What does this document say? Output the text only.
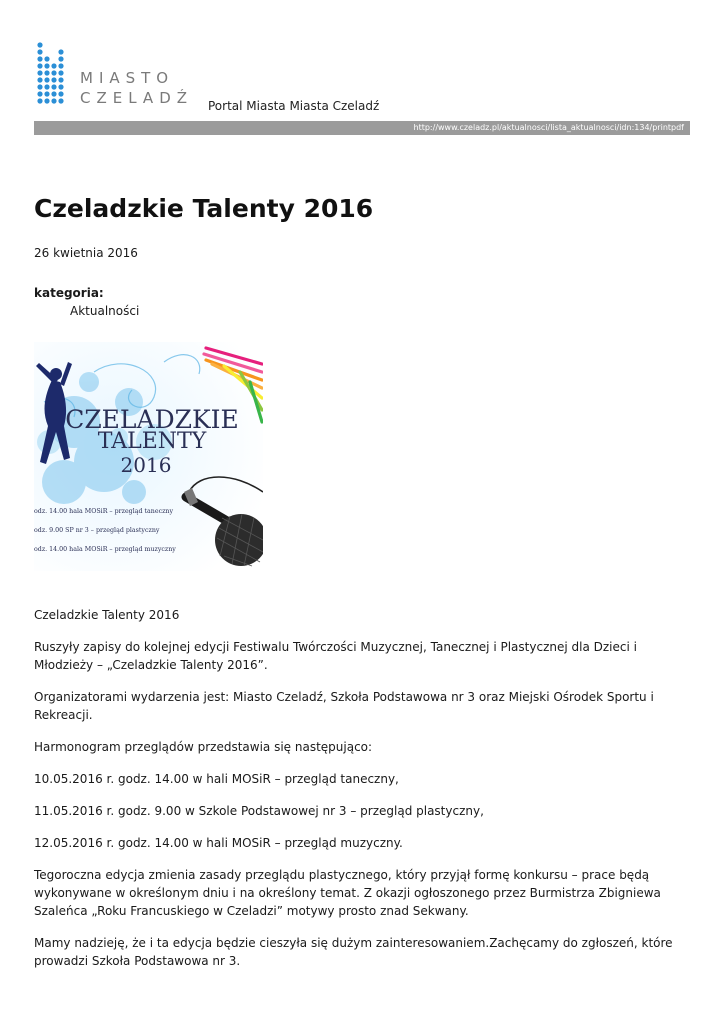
MIASTO
CZELADŹ Portal Miasta Miasta Czeladź
http://www.czeladz.pl/aktualnosci/lista_aktualnosci/idn:134/printpdf
Czeladzkie Talenty 2016
26 kwietnia 2016
kategoria:
Aktualności
CZELADZKIE
TALENTY
2016
odz. 14.00 hala MOSiR – przegląd taneczny
odz. 9.00 SP nr 3 – przegląd plastyczny
odz. 14.00 hala MOSiR – przegląd muzyczny

Czeladzkie Talenty 2016

Ruszyły zapisy do kolejnej edycji Festiwalu Twórczości Muzycznej, Tanecznej i Plastycznej dla Dzieci i Młodzieży – „Czeladzkie Talenty 2016”.

Organizatorami wydarzenia jest: Miasto Czeladź, Szkoła Podstawowa nr 3 oraz Miejski Ośrodek Sportu i Rekreacji.

Harmonogram przeglądów przedstawia się następująco:

10.05.2016 r. godz. 14.00 w hali MOSiR – przegląd taneczny,

11.05.2016 r. godz. 9.00 w Szkole Podstawowej nr 3 – przegląd plastyczny,

12.05.2016 r. godz. 14.00 w hali MOSiR – przegląd muzyczny.

Tegoroczna edycja zmienia zasady przeglądu plastycznego, który przyjął formę konkursu – prace będą wykonywane w określonym dniu i na określony temat. Z okazji ogłoszonego przez Burmistrza Zbigniewa Szaleńca „Roku Francuskiego w Czeladzi” motywy prosto znad Sekwany.

Mamy nadzieję, że i ta edycja będzie cieszyła się dużym zainteresowaniem.Zachęcamy do zgłoszeń, które prowadzi Szkoła Podstawowa nr 3.
